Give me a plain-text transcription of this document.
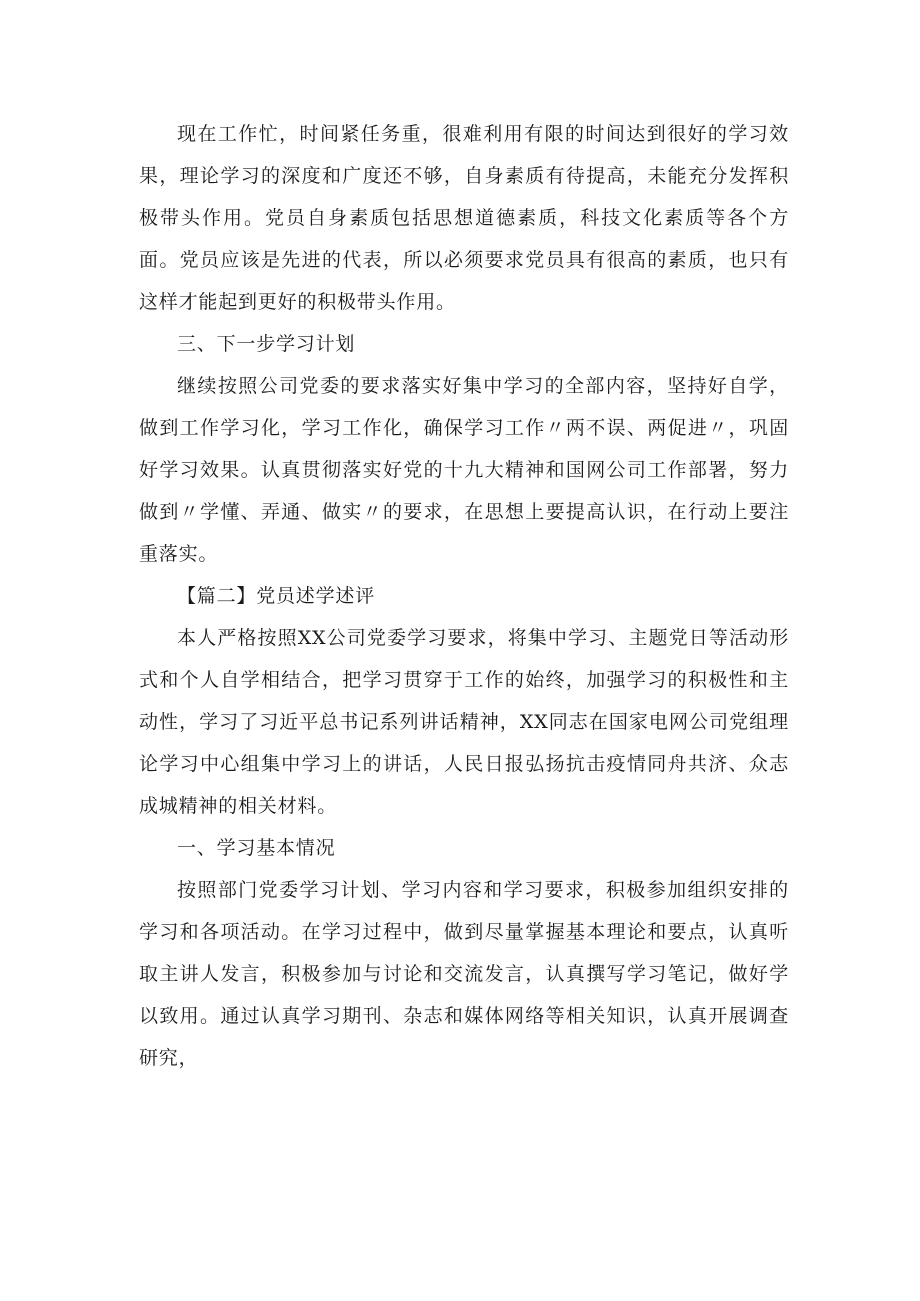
现在工作忙，时间紧任务重，很难利用有限的时间达到很好的学习效果，理论学习的深度和广度还不够，自身素质有待提高，未能充分发挥积极带头作用。党员自身素质包括思想道德素质，科技文化素质等各个方面。党员应该是先进的代表，所以必须要求党员具有很高的素质，也只有这样才能起到更好的积极带头作用。

三、下一步学习计划

继续按照公司党委的要求落实好集中学习的全部内容，坚持好自学，做到工作学习化，学习工作化，确保学习工作〃两不误、两促进〃，巩固好学习效果。认真贯彻落实好党的十九大精神和国网公司工作部署，努力做到〃学懂、弄通、做实〃的要求，在思想上要提高认识，在行动上要注重落实。

【篇二】党员述学述评

本人严格按照XX公司党委学习要求，将集中学习、主题党日等活动形式和个人自学相结合，把学习贯穿于工作的始终，加强学习的积极性和主动性，学习了习近平总书记系列讲话精神，XX同志在国家电网公司党组理论学习中心组集中学习上的讲话，人民日报弘扬抗击疫情同舟共济、众志成城精神的相关材料。

一、学习基本情况

按照部门党委学习计划、学习内容和学习要求，积极参加组织安排的学习和各项活动。在学习过程中，做到尽量掌握基本理论和要点，认真听取主讲人发言，积极参加与讨论和交流发言，认真撰写学习笔记，做好学以致用。通过认真学习期刊、杂志和媒体网络等相关知识，认真开展调查研究，
